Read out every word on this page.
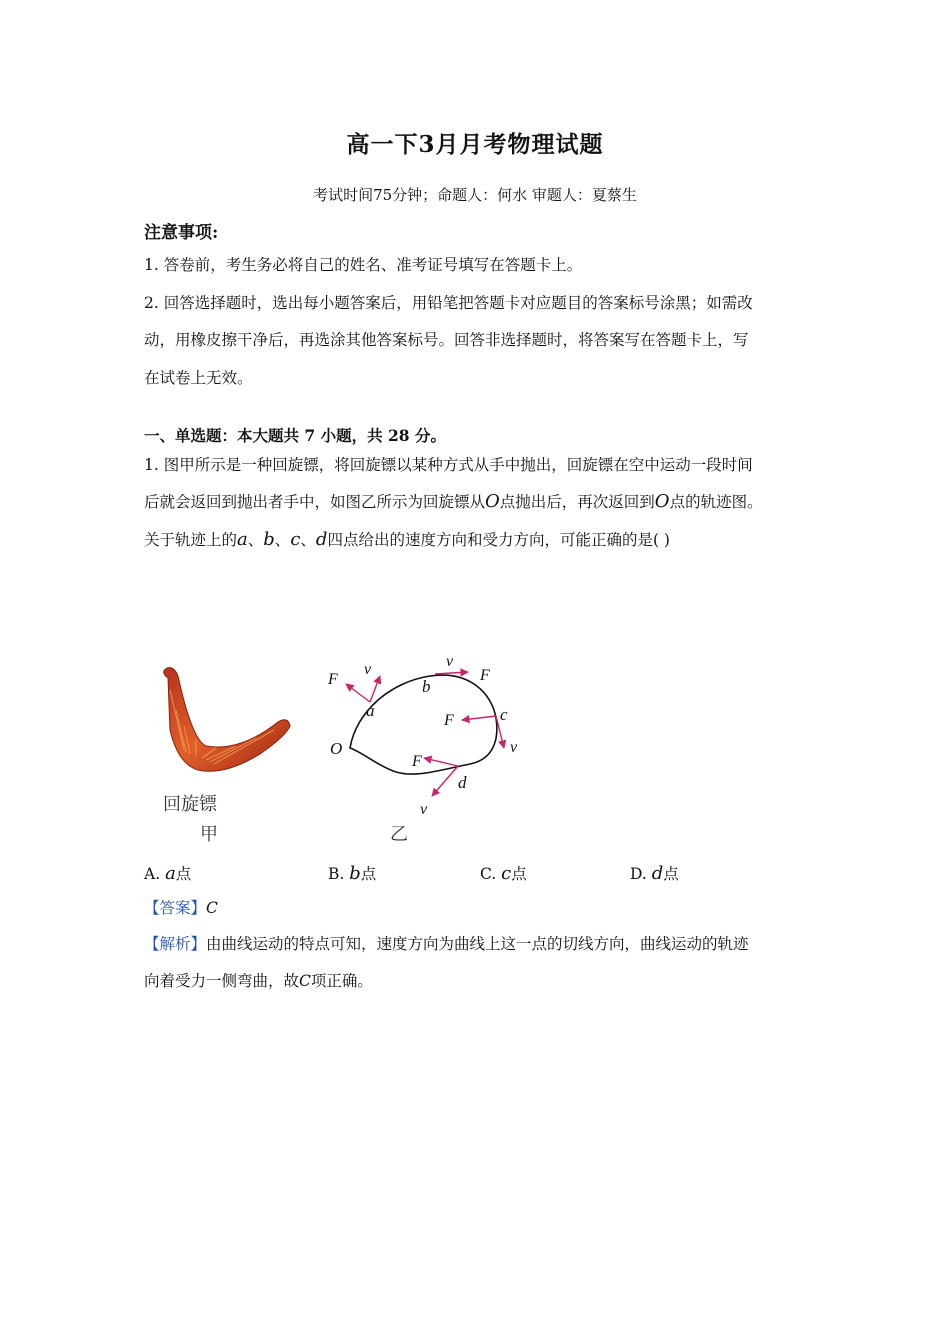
高一下3月月考物理试题
考试时间75分钟；命题人：何水 审题人：夏蔡生
注意事项:
1. 答卷前，考生务必将自己的姓名、准考证号填写在答题卡上。
2. 回答选择题时，选出每小题答案后，用铅笔把答题卡对应题目的答案标号涂黑；如需改
动，用橡皮擦干净后，再选涂其他答案标号。回答非选择题时，将答案写在答题卡上，写
在试卷上无效。
一、单选题：本大题共 7 小题，共 28 分。
1. 图甲所示是一种回旋镖，将回旋镖以某种方式从手中抛出，回旋镖在空中运动一段时间
后就会返回到抛出者手中，如图乙所示为回旋镖从O点抛出后，再次返回到O点的轨迹图。
关于轨迹上的a、b、c、d四点给出的速度方向和受力方向，可能正确的是( )
回旋镖
甲
O
a
b
c
d
F
v	v
F
F
v
F
v
乙
A. a点	B. b点	C. c点	D. d点
【答案】C
【解析】由曲线运动的特点可知，速度方向为曲线上这一点的切线方向，曲线运动的轨迹
向着受力一侧弯曲，故C项正确。
